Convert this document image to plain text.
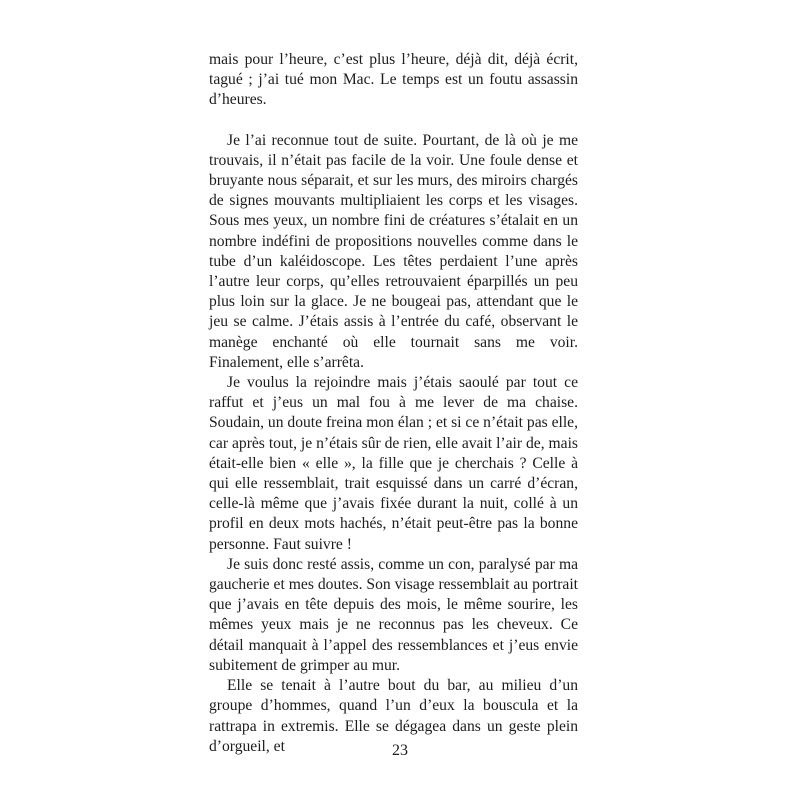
mais pour l’heure, c’est plus l’heure, déjà dit, déjà écrit, tagué ; j’ai tué mon Mac. Le temps est un foutu assassin d’heures.

Je l’ai reconnue tout de suite. Pourtant, de là où je me trouvais, il n’était pas facile de la voir. Une foule dense et bruyante nous séparait, et sur les murs, des miroirs chargés de signes mouvants multipliaient les corps et les visages. Sous mes yeux, un nombre fini de créatures s’étalait en un nombre indéfini de propositions nouvelles comme dans le tube d’un kaléidoscope. Les têtes perdaient l’une après l’autre leur corps, qu’elles retrouvaient éparpillés un peu plus loin sur la glace. Je ne bougeai pas, attendant que le jeu se calme. J’étais assis à l’entrée du café, observant le manège enchanté où elle tournait sans me voir. Finalement, elle s’arrêta.

Je voulus la rejoindre mais j’étais saoulé par tout ce raffut et j’eus un mal fou à me lever de ma chaise. Soudain, un doute freina mon élan ; et si ce n’était pas elle, car après tout, je n’étais sûr de rien, elle avait l’air de, mais était-elle bien « elle », la fille que je cherchais ? Celle à qui elle ressemblait, trait esquissé dans un carré d’écran, celle-là même que j’avais fixée durant la nuit, collé à un profil en deux mots hachés, n’était peut-être pas la bonne personne. Faut suivre !

Je suis donc resté assis, comme un con, paralysé par ma gaucherie et mes doutes. Son visage ressemblait au portrait que j’avais en tête depuis des mois, le même sourire, les mêmes yeux mais je ne reconnus pas les cheveux. Ce détail manquait à l’appel des ressemblances et j’eus envie subitement de grimper au mur.

Elle se tenait à l’autre bout du bar, au milieu d’un groupe d’hommes, quand l’un d’eux la bouscula et la rattrapa in extremis. Elle se dégagea dans un geste plein d’orgueil, et	23
